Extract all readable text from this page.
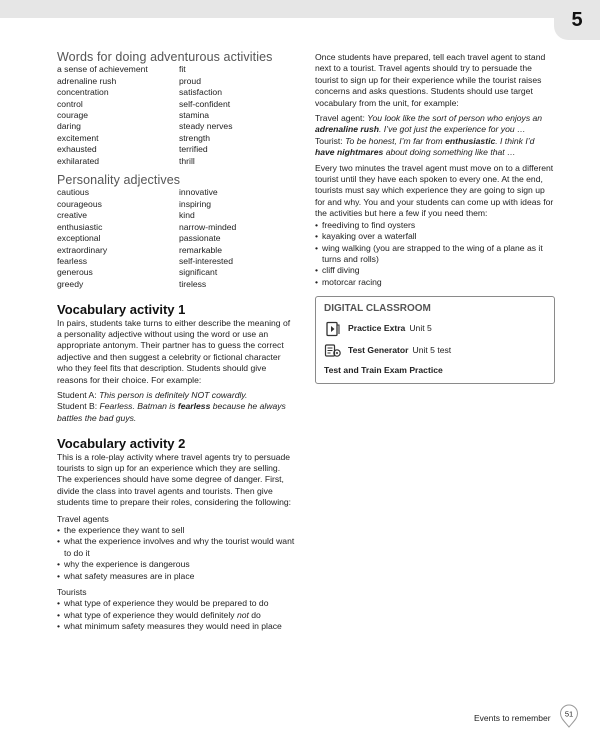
5
Words for doing adventurous activities
a sense of achievement
adrenaline rush
concentration
control
courage
daring
excitement
exhausted
exhilarated
fit
proud
satisfaction
self-confident
stamina
steady nerves
strength
terrified
thrill
Personality adjectives
cautious
courageous
creative
enthusiastic
exceptional
extraordinary
fearless
generous
greedy
innovative
inspiring
kind
narrow-minded
passionate
remarkable
self-interested
significant
tireless
Vocabulary activity 1

In pairs, students take turns to either describe the meaning of a personality adjective without using the word or use an appropriate antonym. Their partner has to guess the correct adjective and then suggest a celebrity or fictional character who they feel fits that description. Students should give reasons for their choice. For example:

Student A: This person is definitely NOT cowardly.

Student B: Fearless. Batman is fearless because he always battles the bad guys.

Vocabulary activity 2

This is a role-play activity where travel agents try to persuade tourists to sign up for an experience which they are selling. The experiences should have some degree of danger. First, divide the class into travel agents and tourists. Then give students time to prepare their roles, considering the following:

Travel agents
• the experience they want to sell
• what the experience involves and why the tourist would want to do it
• why the experience is dangerous
• what safety measures are in place
Tourists
• what type of experience they would be prepared to do
• what type of experience they would definitely not do
• what minimum safety measures they would need in place

Once students have prepared, tell each travel agent to stand next to a tourist. Travel agents should try to persuade the tourist to sign up for their experience while the tourist raises concerns and asks questions. Students should use target vocabulary from the unit, for example:

Travel agent: You look like the sort of person who enjoys an adrenaline rush. I’ve got just the experience for you …

Tourist: To be honest, I’m far from enthusiastic. I think I’d have nightmares about doing something like that …

Every two minutes the travel agent must move on to a different tourist until they have each spoken to every one. At the end, tourists must say which experience they are going to sign up for and why. You and your students can come up with ideas for the activities but here a few if you need them:

• freediving to find oysters
• kayaking over a waterfall
• wing walking (you are strapped to the wing of a plane as it turns and rolls)
• cliff diving
• motorcar racing
DIGITAL CLASSROOM
Practice Extra Unit 5
Test Generator Unit 5 test
Test and Train Exam Practice
Events to remember 51
